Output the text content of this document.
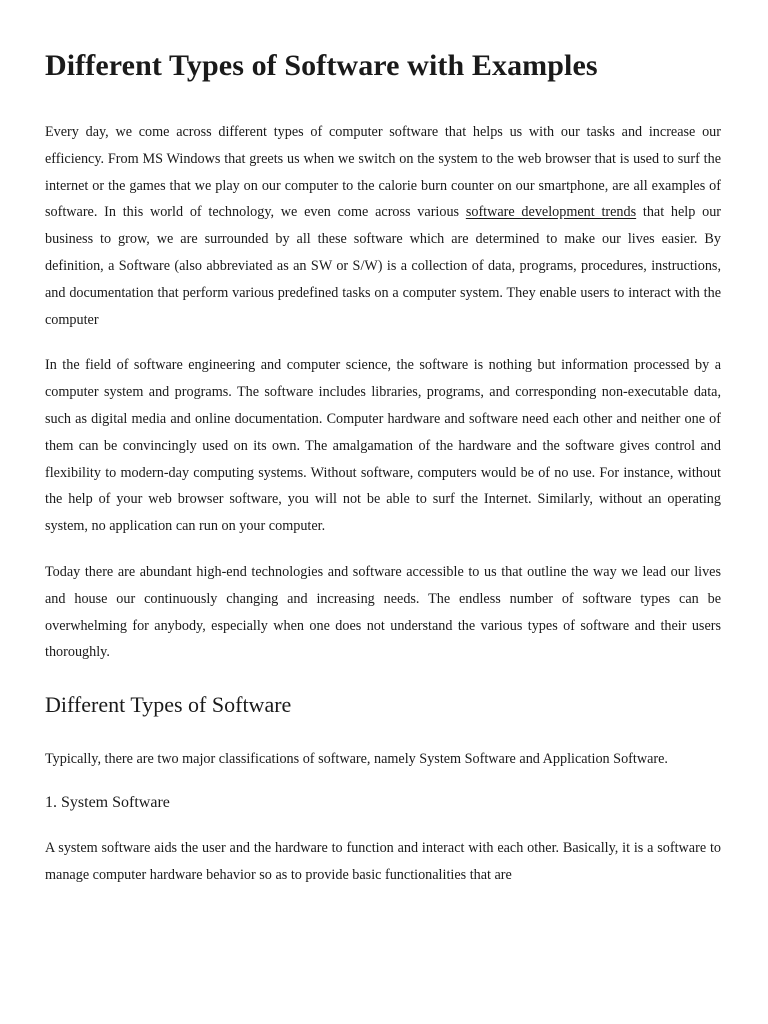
Different Types of Software with Examples

Every day, we come across different types of computer software that helps us with our tasks and increase our efficiency. From MS Windows that greets us when we switch on the system to the web browser that is used to surf the internet or the games that we play on our computer to the calorie burn counter on our smartphone, are all examples of software. In this world of technology, we even come across various software development trends that help our business to grow, we are surrounded by all these software which are determined to make our lives easier. By definition, a Software (also abbreviated as an SW or S/W) is a collection of data, programs, procedures, instructions, and documentation that perform various predefined tasks on a computer system. They enable users to interact with the computer

In the field of software engineering and computer science, the software is nothing but information processed by a computer system and programs. The software includes libraries, programs, and corresponding non-executable data, such as digital media and online documentation. Computer hardware and software need each other and neither one of them can be convincingly used on its own. The amalgamation of the hardware and the software gives control and flexibility to modern-day computing systems. Without software, computers would be of no use. For instance, without the help of your web browser software, you will not be able to surf the Internet. Similarly, without an operating system, no application can run on your computer.

Today there are abundant high-end technologies and software accessible to us that outline the way we lead our lives and house our continuously changing and increasing needs. The endless number of software types can be overwhelming for anybody, especially when one does not understand the various types of software and their users thoroughly.

Different Types of Software

Typically, there are two major classifications of software, namely System Software and Application Software.

1. System Software

A system software aids the user and the hardware to function and interact with each other. Basically, it is a software to manage computer hardware behavior so as to provide basic functionalities that are
